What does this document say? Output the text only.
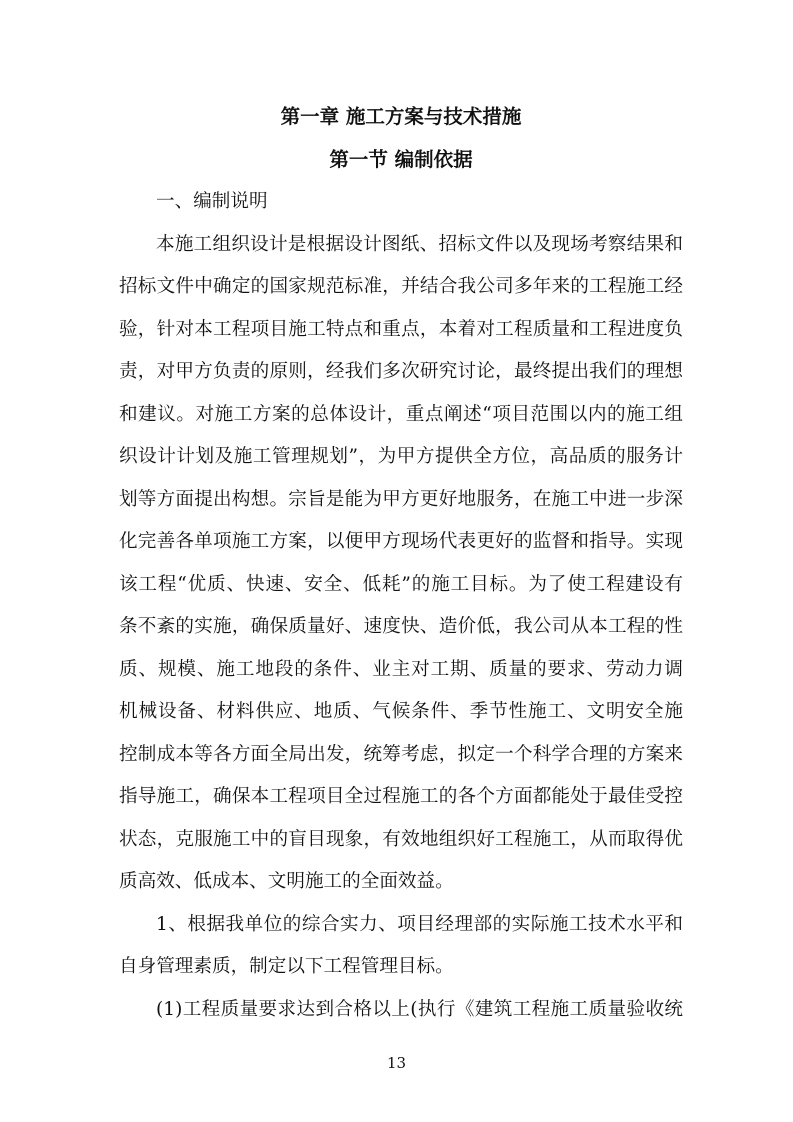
第一章 施工方案与技术措施
第一节 编制依据
一、编制说明
本施工组织设计是根据设计图纸、招标文件以及现场考察结果和
招标文件中确定的国家规范标准，并结合我公司多年来的工程施工经
验，针对本工程项目施工特点和重点，本着对工程质量和工程进度负
责，对甲方负责的原则，经我们多次研究讨论，最终提出我们的理想
和建议。对施工方案的总体设计，重点阐述“项目范围以内的施工组
织设计计划及施工管理规划”，为甲方提供全方位，高品质的服务计
划等方面提出构想。宗旨是能为甲方更好地服务，在施工中进一步深
化完善各单项施工方案，以便甲方现场代表更好的监督和指导。实现
该工程“优质、快速、安全、低耗”的施工目标。为了使工程建设有
条不紊的实施，确保质量好、速度快、造价低，我公司从本工程的性
质、规模、施工地段的条件、业主对工期、质量的要求、劳动力调
机械设备、材料供应、地质、气候条件、季节性施工、文明安全施
控制成本等各方面全局出发，统筹考虑，拟定一个科学合理的方案来
指导施工，确保本工程项目全过程施工的各个方面都能处于最佳受控
状态，克服施工中的盲目现象，有效地组织好工程施工，从而取得优
质高效、低成本、文明施工的全面效益。
1、根据我单位的综合实力、项目经理部的实际施工技术水平和
自身管理素质，制定以下工程管理目标。
(1)工程质量要求达到合格以上(执行《建筑工程施工质量验收统
13
